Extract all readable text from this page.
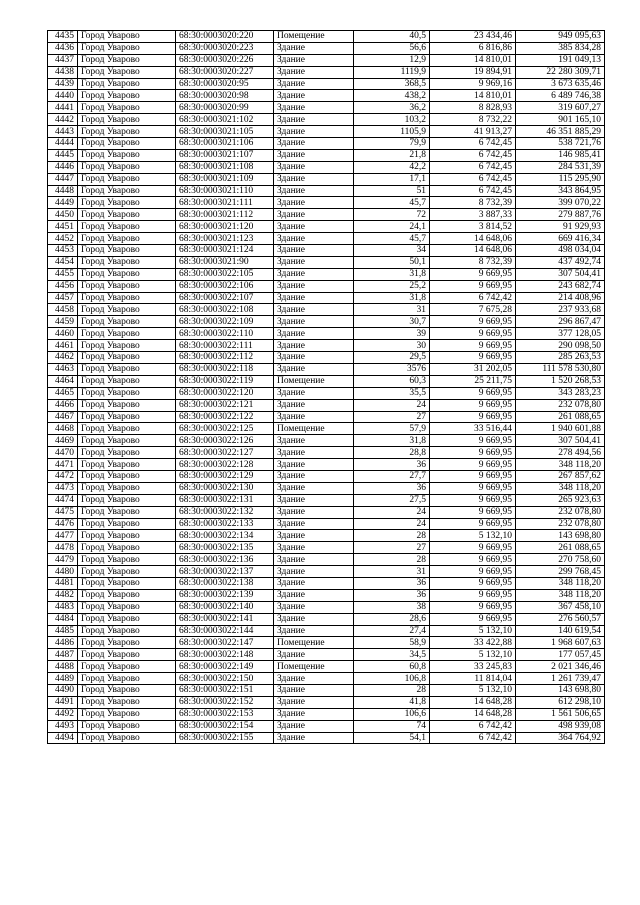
4435	Город Уварово	68:30:0003020:220	Помещение	40,5	23 434,46	949 095,63
4436	Город Уварово	68:30:0003020:223	Здание	56,6	6 816,86	385 834,28
4437	Город Уварово	68:30:0003020:226	Здание	12,9	14 810,01	191 049,13
4438	Город Уварово	68:30:0003020:227	Здание	1119,9	19 894,91	22 280 309,71
4439	Город Уварово	68:30:0003020:95	Здание	368,5	9 969,16	3 673 635,46
4440	Город Уварово	68:30:0003020:98	Здание	438,2	14 810,01	6 489 746,38
4441	Город Уварово	68:30:0003020:99	Здание	36,2	8 828,93	319 607,27
4442	Город Уварово	68:30:0003021:102	Здание	103,2	8 732,22	901 165,10
4443	Город Уварово	68:30:0003021:105	Здание	1105,9	41 913,27	46 351 885,29
4444	Город Уварово	68:30:0003021:106	Здание	79,9	6 742,45	538 721,76
4445	Город Уварово	68:30:0003021:107	Здание	21,8	6 742,45	146 985,41
4446	Город Уварово	68:30:0003021:108	Здание	42,2	6 742,45	284 531,39
4447	Город Уварово	68:30:0003021:109	Здание	17,1	6 742,45	115 295,90
4448	Город Уварово	68:30:0003021:110	Здание	51	6 742,45	343 864,95
4449	Город Уварово	68:30:0003021:111	Здание	45,7	8 732,39	399 070,22
4450	Город Уварово	68:30:0003021:112	Здание	72	3 887,33	279 887,76
4451	Город Уварово	68:30:0003021:120	Здание	24,1	3 814,52	91 929,93
4452	Город Уварово	68:30:0003021:123	Здание	45,7	14 648,06	669 416,34
4453	Город Уварово	68:30:0003021:124	Здание	34	14 648,06	498 034,04
4454	Город Уварово	68:30:0003021:90	Здание	50,1	8 732,39	437 492,74
4455	Город Уварово	68:30:0003022:105	Здание	31,8	9 669,95	307 504,41
4456	Город Уварово	68:30:0003022:106	Здание	25,2	9 669,95	243 682,74
4457	Город Уварово	68:30:0003022:107	Здание	31,8	6 742,42	214 408,96
4458	Город Уварово	68:30:0003022:108	Здание	31	7 675,28	237 933,68
4459	Город Уварово	68:30:0003022:109	Здание	30,7	9 669,95	296 867,47
4460	Город Уварово	68:30:0003022:110	Здание	39	9 669,95	377 128,05
4461	Город Уварово	68:30:0003022:111	Здание	30	9 669,95	290 098,50
4462	Город Уварово	68:30:0003022:112	Здание	29,5	9 669,95	285 263,53
4463	Город Уварово	68:30:0003022:118	Здание	3576	31 202,05	111 578 530,80
4464	Город Уварово	68:30:0003022:119	Помещение	60,3	25 211,75	1 520 268,53
4465	Город Уварово	68:30:0003022:120	Здание	35,5	9 669,95	343 283,23
4466	Город Уварово	68:30:0003022:121	Здание	24	9 669,95	232 078,80
4467	Город Уварово	68:30:0003022:122	Здание	27	9 669,95	261 088,65
4468	Город Уварово	68:30:0003022:125	Помещение	57,9	33 516,44	1 940 601,88
4469	Город Уварово	68:30:0003022:126	Здание	31,8	9 669,95	307 504,41
4470	Город Уварово	68:30:0003022:127	Здание	28,8	9 669,95	278 494,56
4471	Город Уварово	68:30:0003022:128	Здание	36	9 669,95	348 118,20
4472	Город Уварово	68:30:0003022:129	Здание	27,7	9 669,95	267 857,62
4473	Город Уварово	68:30:0003022:130	Здание	36	9 669,95	348 118,20
4474	Город Уварово	68:30:0003022:131	Здание	27,5	9 669,95	265 923,63
4475	Город Уварово	68:30:0003022:132	Здание	24	9 669,95	232 078,80
4476	Город Уварово	68:30:0003022:133	Здание	24	9 669,95	232 078,80
4477	Город Уварово	68:30:0003022:134	Здание	28	5 132,10	143 698,80
4478	Город Уварово	68:30:0003022:135	Здание	27	9 669,95	261 088,65
4479	Город Уварово	68:30:0003022:136	Здание	28	9 669,95	270 758,60
4480	Город Уварово	68:30:0003022:137	Здание	31	9 669,95	299 768,45
4481	Город Уварово	68:30:0003022:138	Здание	36	9 669,95	348 118,20
4482	Город Уварово	68:30:0003022:139	Здание	36	9 669,95	348 118,20
4483	Город Уварово	68:30:0003022:140	Здание	38	9 669,95	367 458,10
4484	Город Уварово	68:30:0003022:141	Здание	28,6	9 669,95	276 560,57
4485	Город Уварово	68:30:0003022:144	Здание	27,4	5 132,10	140 619,54
4486	Город Уварово	68:30:0003022:147	Помещение	58,9	33 422,88	1 968 607,63
4487	Город Уварово	68:30:0003022:148	Здание	34,5	5 132,10	177 057,45
4488	Город Уварово	68:30:0003022:149	Помещение	60,8	33 245,83	2 021 346,46
4489	Город Уварово	68:30:0003022:150	Здание	106,8	11 814,04	1 261 739,47
4490	Город Уварово	68:30:0003022:151	Здание	28	5 132,10	143 698,80
4491	Город Уварово	68:30:0003022:152	Здание	41,8	14 648,28	612 298,10
4492	Город Уварово	68:30:0003022:153	Здание	106,6	14 648,28	1 561 506,65
4493	Город Уварово	68:30:0003022:154	Здание	74	6 742,42	498 939,08
4494	Город Уварово	68:30:0003022:155	Здание	54,1	6 742,42	364 764,92
